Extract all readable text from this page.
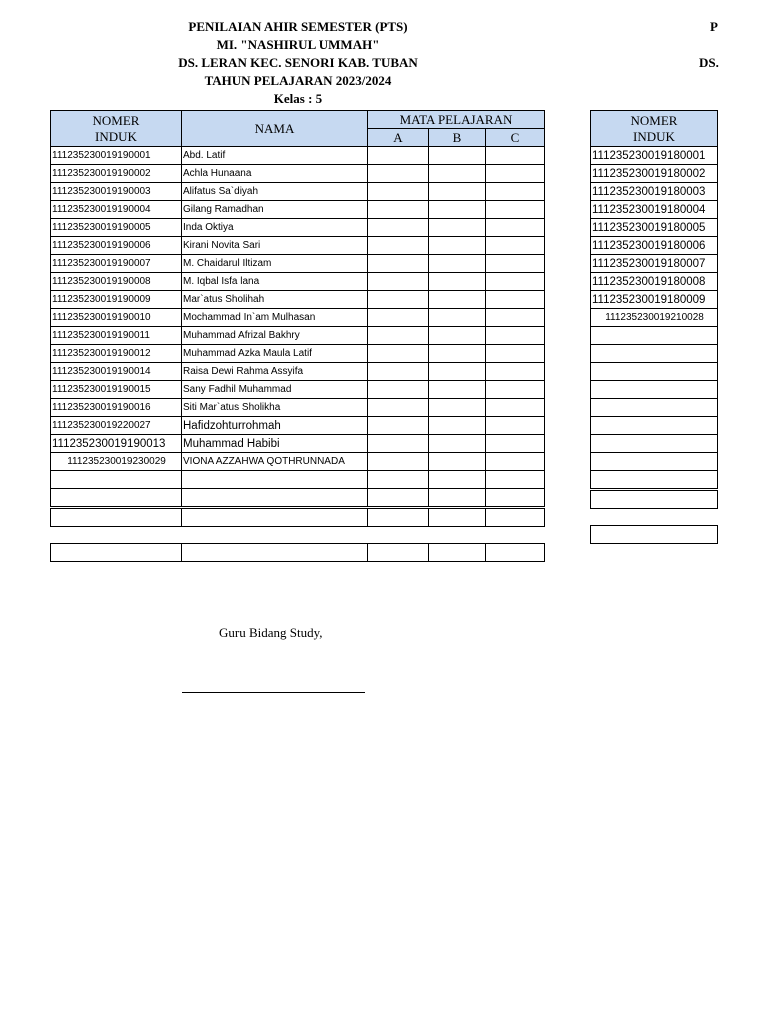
PENILAIAN AHIR SEMESTER (PTS)
MI. "NASHIRUL UMMAH"
DS. LERAN KEC. SENORI KAB. TUBAN
TAHUN PELAJARAN 2023/2024
Kelas : 5
P
DS.
NOMER
INDUK	NAMA	MATA PELAJARAN		
		A	B	C
111235230019190001	Abd. Latif			
111235230019190002	Achla Hunaana			
111235230019190003	Alifatus Sa`diyah			
111235230019190004	Gilang Ramadhan			
111235230019190005	Inda Oktiya			
111235230019190006	Kirani Novita Sari			
111235230019190007	M. Chaidarul Iltizam			
111235230019190008	M. Iqbal Isfa lana			
111235230019190009	Mar`atus Sholihah			
111235230019190010	Mochammad In`am Mulhasan			
111235230019190011	Muhammad Afrizal Bakhry			
111235230019190012	Muhammad Azka Maula Latif			
111235230019190014	Raisa Dewi Rahma Assyifa			
111235230019190015	Sany Fadhil Muhammad			
111235230019190016	Siti Mar`atus Sholikha			
111235230019220027	Hafidzohturrohmah			
111235230019190013	Muhammad Habibi			
111235230019230029	VIONA AZZAHWA QOTHRUNNADA			

NOMER
INDUK

111235230019180001
111235230019180002
111235230019180003
111235230019180004
111235230019180005
111235230019180006
111235230019180007
111235230019180008
111235230019180009
111235230019210028

Guru Bidang Study,
